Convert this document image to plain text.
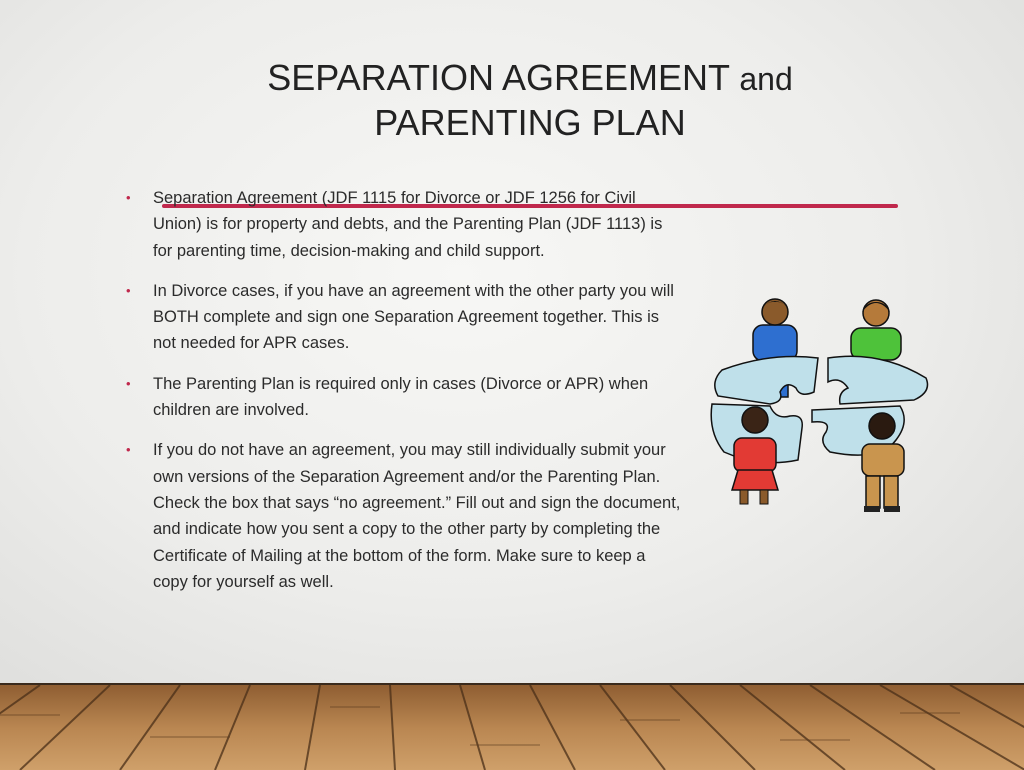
SEPARATION AGREEMENT and
PARENTING PLAN
• Separation Agreement (JDF 1115 for Divorce or JDF 1256 for Civil Union) is for property and debts, and the Parenting Plan (JDF 1113) is for parenting time, decision-making and child support.
• In Divorce cases, if you have an agreement with the other party you will BOTH complete and sign one Separation Agreement together. This is not needed for APR cases.
• The Parenting Plan is required only in cases (Divorce or APR) when children are involved.
• If you do not have an agreement, you may still individually submit your own versions of the Separation Agreement and/or the Parenting Plan. Check the box that says “no agreement.” Fill out and sign the document, and indicate how you sent a copy to the other party by completing the Certificate of Mailing at the bottom of the form. Make sure to keep a copy for yourself as well.
